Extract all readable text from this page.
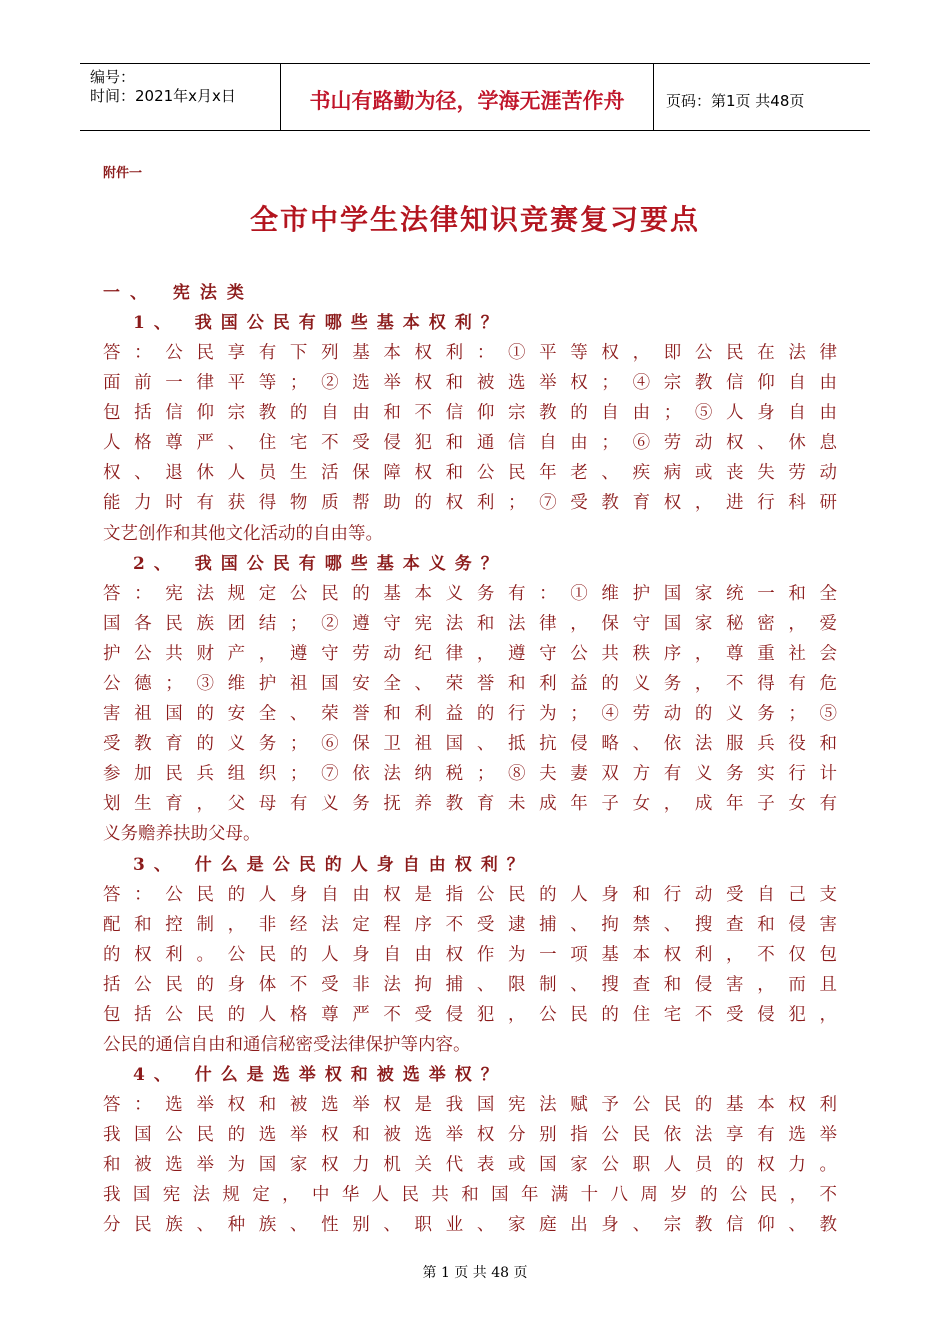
编号：
时间：2021年x月x日	书山有路勤为径，学海无涯苦作舟	页码：第1页 共48页
附件一
全市中学生法律知识竞赛复习要点
一、 宪法类
1、 我国公民有哪些基本权利？
答：公民享有下列基本权利：①平等权，即公民在法律
面前一律平等；②选举权和被选举权；④宗教信仰自由
包括信仰宗教的自由和不信仰宗教的自由；⑤人身自由
人格尊严、住宅不受侵犯和通信自由；⑥劳动权、休息
权、退休人员生活保障权和公民年老、疾病或丧失劳动
能力时有获得物质帮助的权利；⑦受教育权，进行科研
文艺创作和其他文化活动的自由等。
2、 我国公民有哪些基本义务？
答：宪法规定公民的基本义务有：①维护国家统一和全
国各民族团结；②遵守宪法和法律，保守国家秘密，爱
护公共财产，遵守劳动纪律，遵守公共秩序，尊重社会
公德；③维护祖国安全、荣誉和利益的义务，不得有危
害祖国的安全、荣誉和利益的行为；④劳动的义务；⑤
受教育的义务；⑥保卫祖国、抵抗侵略、依法服兵役和
参加民兵组织；⑦依法纳税；⑧夫妻双方有义务实行计
划生育，父母有义务抚养教育未成年子女，成年子女有
义务赡养扶助父母。
3、 什么是公民的人身自由权利？
答：公民的人身自由权是指公民的人身和行动受自己支
配和控制，非经法定程序不受逮捕、拘禁、搜查和侵害
的权利。公民的人身自由权作为一项基本权利，不仅包
括公民的身体不受非法拘捕、限制、搜查和侵害，而且
包括公民的人格尊严不受侵犯，公民的住宅不受侵犯，
公民的通信自由和通信秘密受法律保护等内容。
4、 什么是选举权和被选举权？
答：选举权和被选举权是我国宪法赋予公民的基本权利
我国公民的选举权和被选举权分别指公民依法享有选举
和被选举为国家权力机关代表或国家公职人员的权力。
我国宪法规定，中华人民共和国年满十八周岁的公民，不
分民族、种族、性别、职业、家庭出身、宗教信仰、教
第 1 页 共 48 页
